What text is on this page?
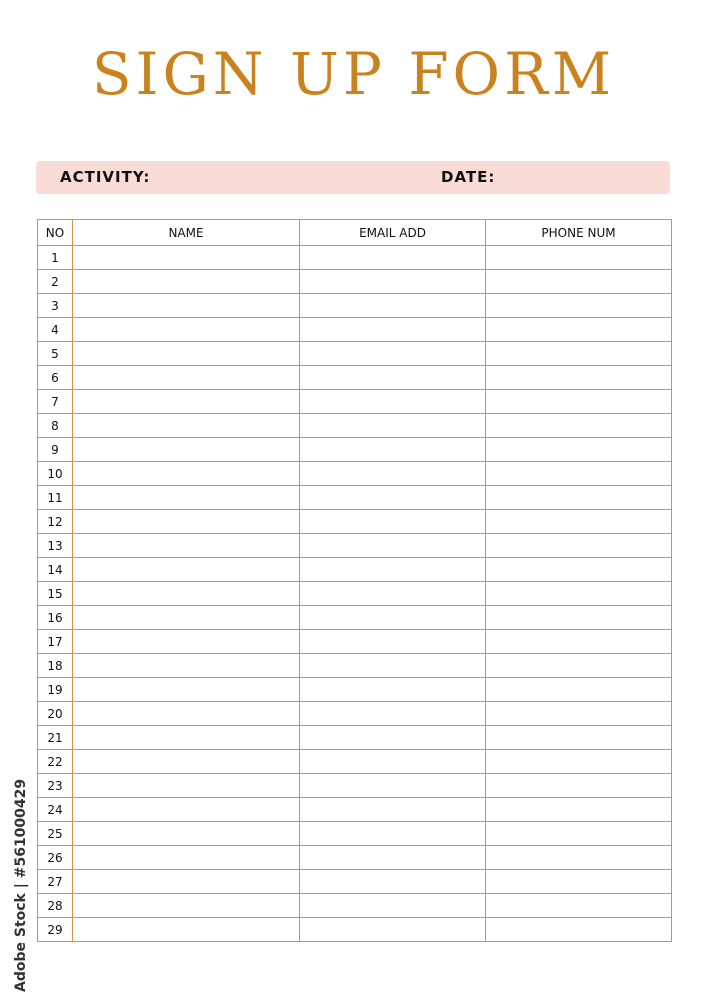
SIGN UP FORM
ACTIVITY:	DATE:
NO	NAME	EMAIL ADD	PHONE NUM
1			
2			
3			
4			
5			
6			
7			
8			
9			
10			
11			
12			
13			
14			
15			
16			
17			
18			
19			
20			
21			
22			
23			
24			
25			
26			
27			
28			
29			
Adobe Stock | #561000429
